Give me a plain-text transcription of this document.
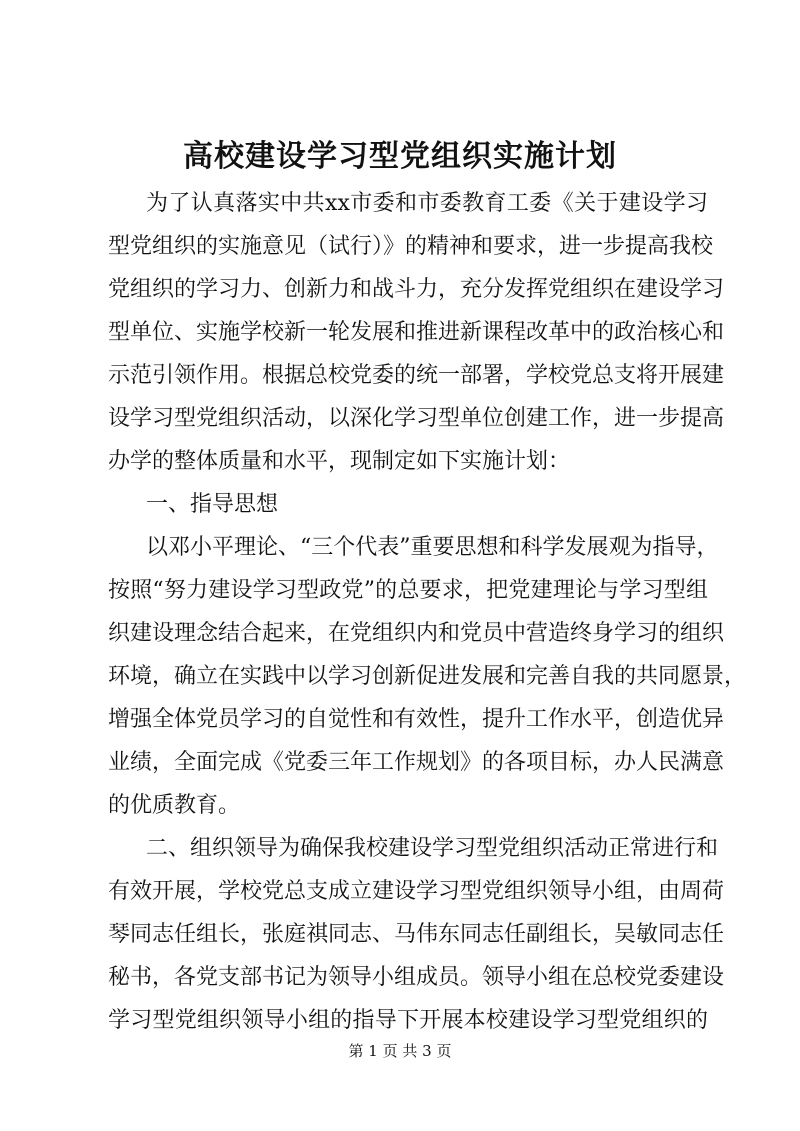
高校建设学习型党组织实施计划
为了认真落实中共xx市委和市委教育工委《关于建设学习
型党组织的实施意见（试行）》的精神和要求，进一步提高我校
党组织的学习力、创新力和战斗力，充分发挥党组织在建设学习
型单位、实施学校新一轮发展和推进新课程改革中的政治核心和
示范引领作用。根据总校党委的统一部署，学校党总支将开展建
设学习型党组织活动，以深化学习型单位创建工作，进一步提高
办学的整体质量和水平，现制定如下实施计划：
一、指导思想
以邓小平理论、“三个代表”重要思想和科学发展观为指导，
按照“努力建设学习型政党”的总要求，把党建理论与学习型组
织建设理念结合起来，在党组织内和党员中营造终身学习的组织
环境，确立在实践中以学习创新促进发展和完善自我的共同愿景，
增强全体党员学习的自觉性和有效性，提升工作水平，创造优异
业绩，全面完成《党委三年工作规划》的各项目标，办人民满意
的优质教育。
二、组织领导为确保我校建设学习型党组织活动正常进行和
有效开展，学校党总支成立建设学习型党组织领导小组，由周荷
琴同志任组长，张庭祺同志、马伟东同志任副组长，吴敏同志任
秘书，各党支部书记为领导小组成员。领导小组在总校党委建设
学习型党组织领导小组的指导下开展本校建设学习型党组织的
第 1 页 共 3 页
